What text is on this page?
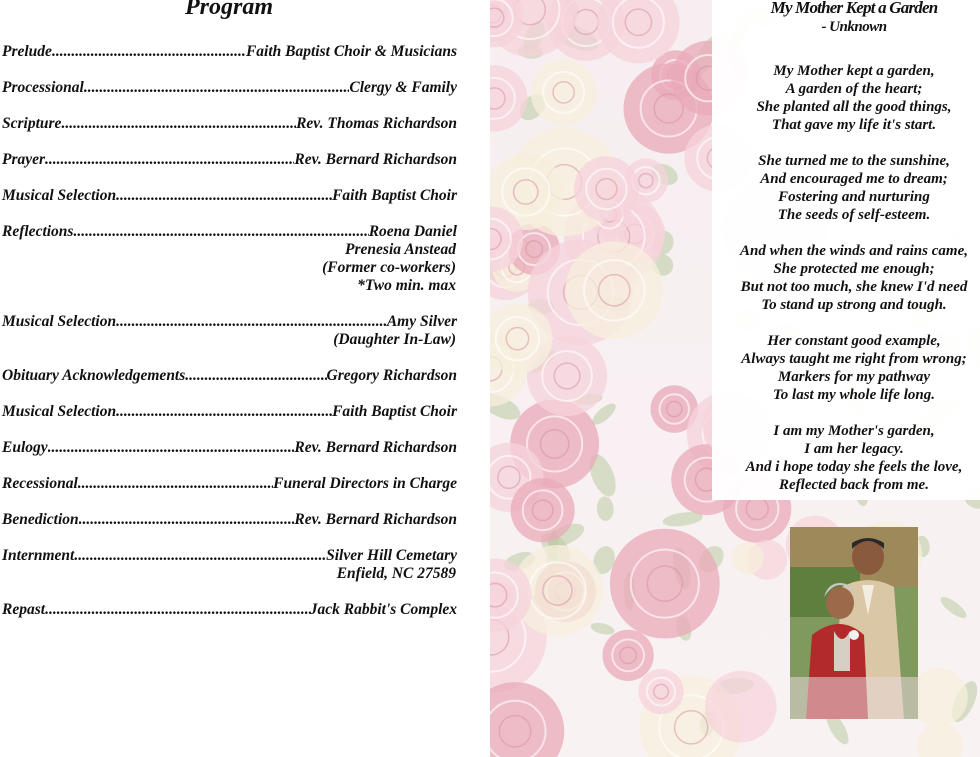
Program
Prelude .....	Faith Baptist Choir & Musicians
Processional .....	Clergy & Family
Scripture .....	Rev. Thomas Richardson
Prayer .....	Rev. Bernard Richardson
Musical Selection .....	Faith Baptist Choir
Reflections .....	Roena Daniel
Prenesia Anstead
(Former co-workers)
*Two min. max
Musical Selection .....	Amy Silver
(Daughter In-Law)
Obituary Acknowledgements .....	Gregory Richardson
Musical Selection .....	Faith Baptist Choir
Eulogy .....	Rev. Bernard Richardson
Recessional .....	Funeral Directors in Charge
Benediction .....	Rev. Bernard Richardson
Internment .....	Silver Hill Cemetary
Enfield, NC 27589
Repast .....	Jack Rabbit's Complex
My Mother Kept a Garden
- Unknown
My Mother kept a garden,
A garden of the heart;
She planted all the good things,
That gave my life it's start.
She turned me to the sunshine,
And encouraged me to dream;
Fostering and nurturing
The seeds of self-esteem.
And when the winds and rains came,
She protected me enough;
But not too much, she knew I'd need
To stand up strong and tough.
Her constant good example,
Always taught me right from wrong;
Markers for my pathway
To last my whole life long.
I am my Mother's garden,
I am her legacy.
And i hope today she feels the love,
Reflected back from me.
